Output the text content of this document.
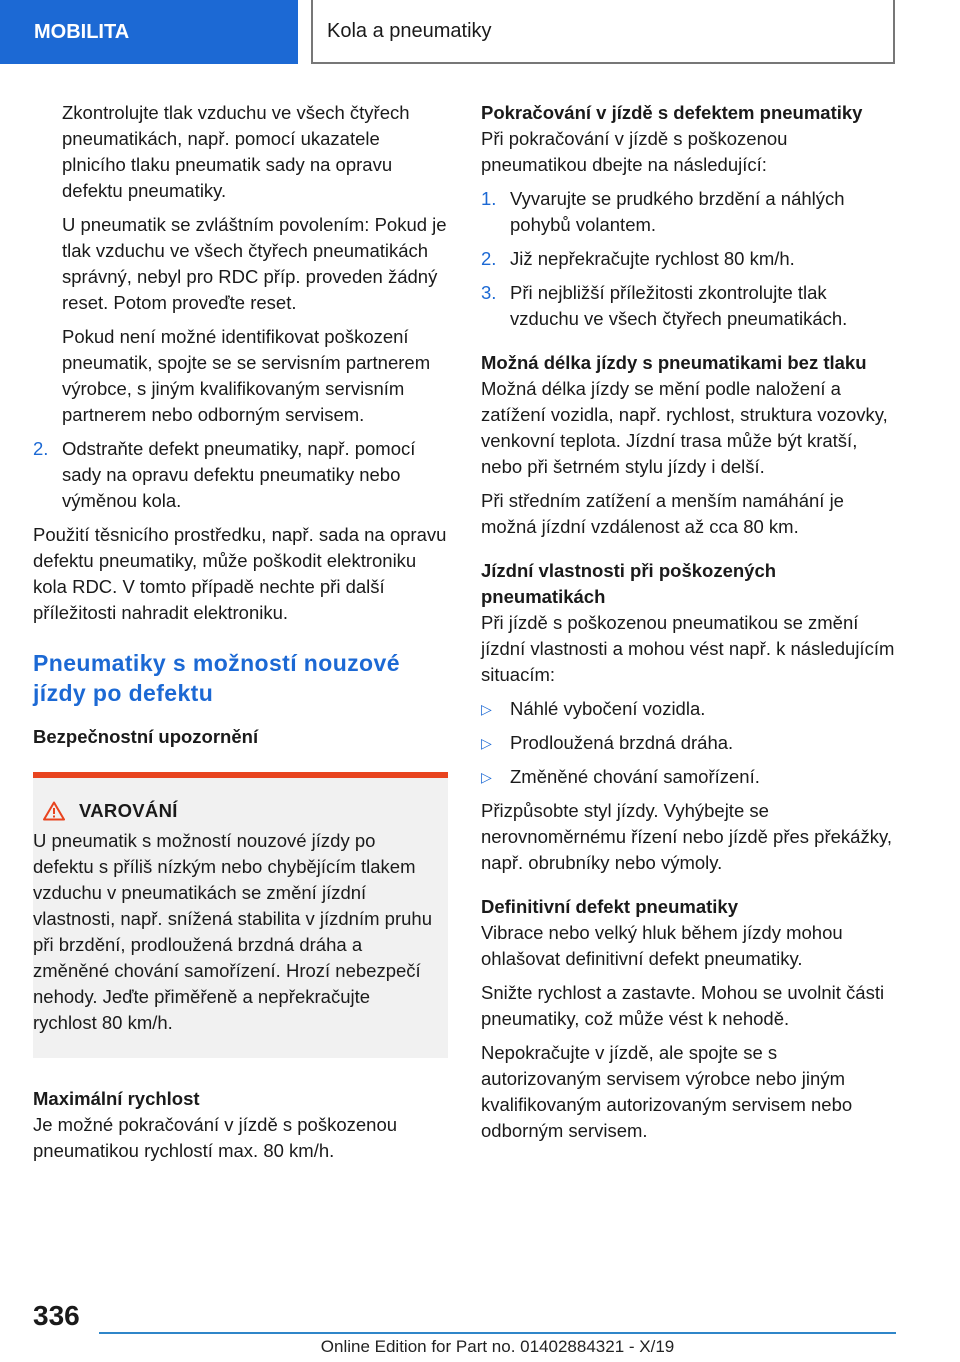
MOBILITA	Kola a pneumatiky

Zkontrolujte tlak vzduchu ve všech čtyřech pneumatikách, např. pomocí ukazatele plnicího tlaku pneumatik sady na opravu defektu pneumatiky.

U pneumatik se zvláštním povolením: Pokud je tlak vzduchu ve všech čtyřech pneumatikách správný, nebyl pro RDC příp. proveden žádný reset. Potom proveďte reset.

Pokud není možné identifikovat poškození pneumatik, spojte se se servisním partnerem výrobce, s jiným kvalifikovaným servisním partnerem nebo odborným servisem.

2. Odstraňte defekt pneumatiky, např. pomocí sady na opravu defektu pneumatiky nebo výměnou kola.

Použití těsnicího prostředku, např. sada na opravu defektu pneumatiky, může poškodit elektroniku kola RDC. V tomto případě nechte při další příležitosti nahradit elektroniku.

Pneumatiky s možností nouzové jízdy po defektu
Bezpečnostní upozornění
VAROVÁNÍ
U pneumatik s možností nouzové jízdy po defektu s příliš nízkým nebo chybějícím tlakem vzduchu v pneumatikách se změní jízdní vlastnosti, např. snížená stabilita v jízdním pruhu při brzdění, prodloužená brzdná dráha a změněné chování samořízení. Hrozí nebezpečí nehody. Jeďte přiměřeně a nepřekračujte rychlost 80 km/h.
Maximální rychlost

Je možné pokračování v jízdě s poškozenou pneumatikou rychlostí max. 80 km/h.

Pokračování v jízdě s defektem pneumatiky

Při pokračování v jízdě s poškozenou pneumatikou dbejte na následující:

1. Vyvarujte se prudkého brzdění a náhlých pohybů volantem.
2. Již nepřekračujte rychlost 80 km/h.
3. Při nejbližší příležitosti zkontrolujte tlak vzduchu ve všech čtyřech pneumatikách.
Možná délka jízdy s pneumatikami bez tlaku

Možná délka jízdy se mění podle naložení a zatížení vozidla, např. rychlost, struktura vozovky, venkovní teplota. Jízdní trasa může být kratší, nebo při šetrném stylu jízdy i delší.

Při středním zatížení a menším namáhání je možná jízdní vzdálenost až cca 80 km.

Jízdní vlastnosti při poškozených pneumatikách

Při jízdě s poškozenou pneumatikou se změní jízdní vlastnosti a mohou vést např. k následujícím situacím:

▷ Náhlé vybočení vozidla.
▷ Prodloužená brzdná dráha.
▷ Změněné chování samořízení.

Přizpůsobte styl jízdy. Vyhýbejte se nerovnoměrnému řízení nebo jízdě přes překážky, např. obrubníky nebo výmoly.

Definitivní defekt pneumatiky

Vibrace nebo velký hluk během jízdy mohou ohlašovat definitivní defekt pneumatiky.

Snižte rychlost a zastavte. Mohou se uvolnit části pneumatiky, což může vést k nehodě.

Nepokračujte v jízdě, ale spojte se s autorizovaným servisem výrobce nebo jiným kvalifikovaným autorizovaným servisem nebo odborným servisem.

336
Online Edition for Part no. 01402884321 - X/19
